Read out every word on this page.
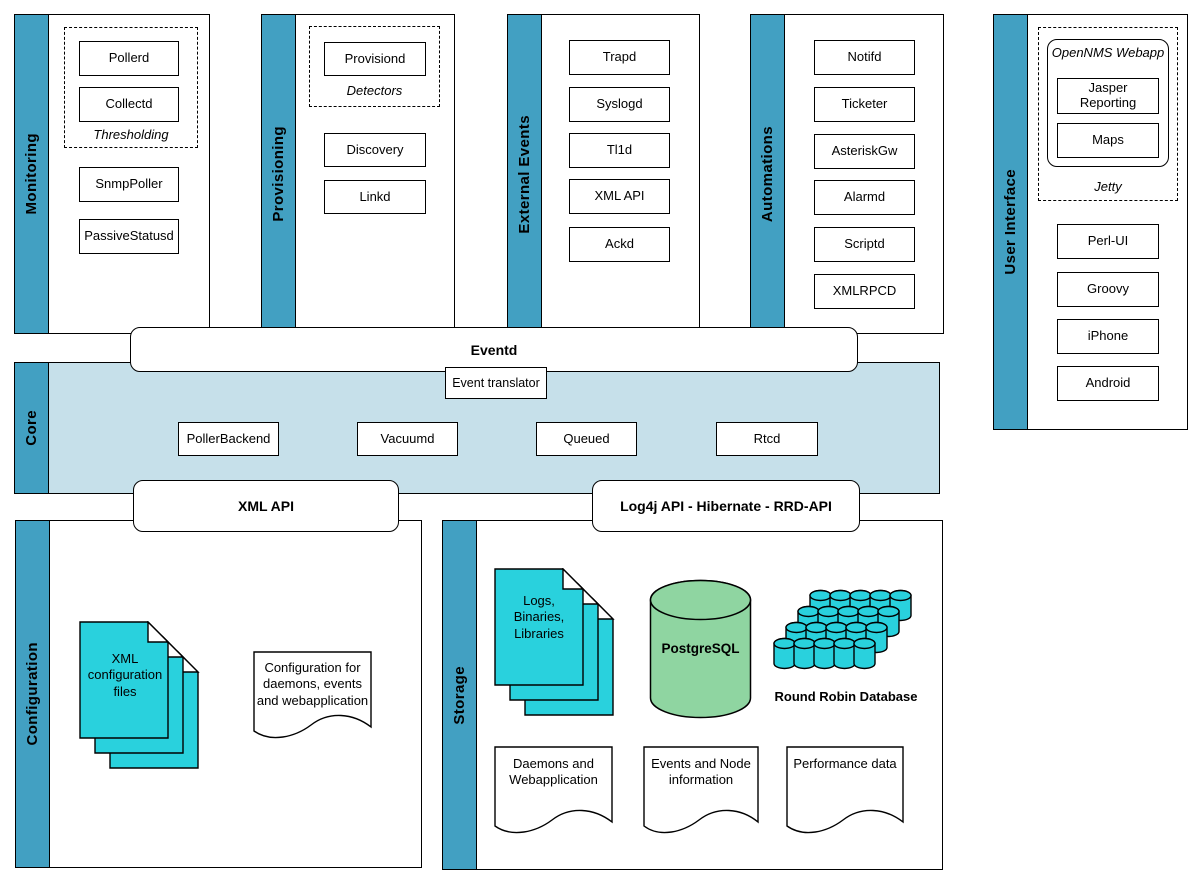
Monitoring
Pollerd
Collectd
Thresholding
SnmpPoller
PassiveStatusd
Provisioning
Provisiond
Detectors
Discovery
Linkd	External Events
Trapd
Syslogd
Tl1d
XML API
Ackd
Automations
Notifd
Ticketer
AsteriskGw
Alarmd
Scriptd
XMLRPCD
User Interface
OpenNMS Webapp
Jasper Reporting
Maps
Jetty
Perl-UI
Groovy
iPhone
Android
Core	PollerBackend	Vacuumd	Queued	Rtcd
Eventd
Event translator
XML API	Log4j API - Hibernate - RRD-API
Configuration	XML configuration files
Configuration for daemons, events and webapplication	Storage
Logs, Binaries, Libraries
PostgreSQL
Round Robin Database
Daemons and Webapplication
Events and Node information
Performance data
